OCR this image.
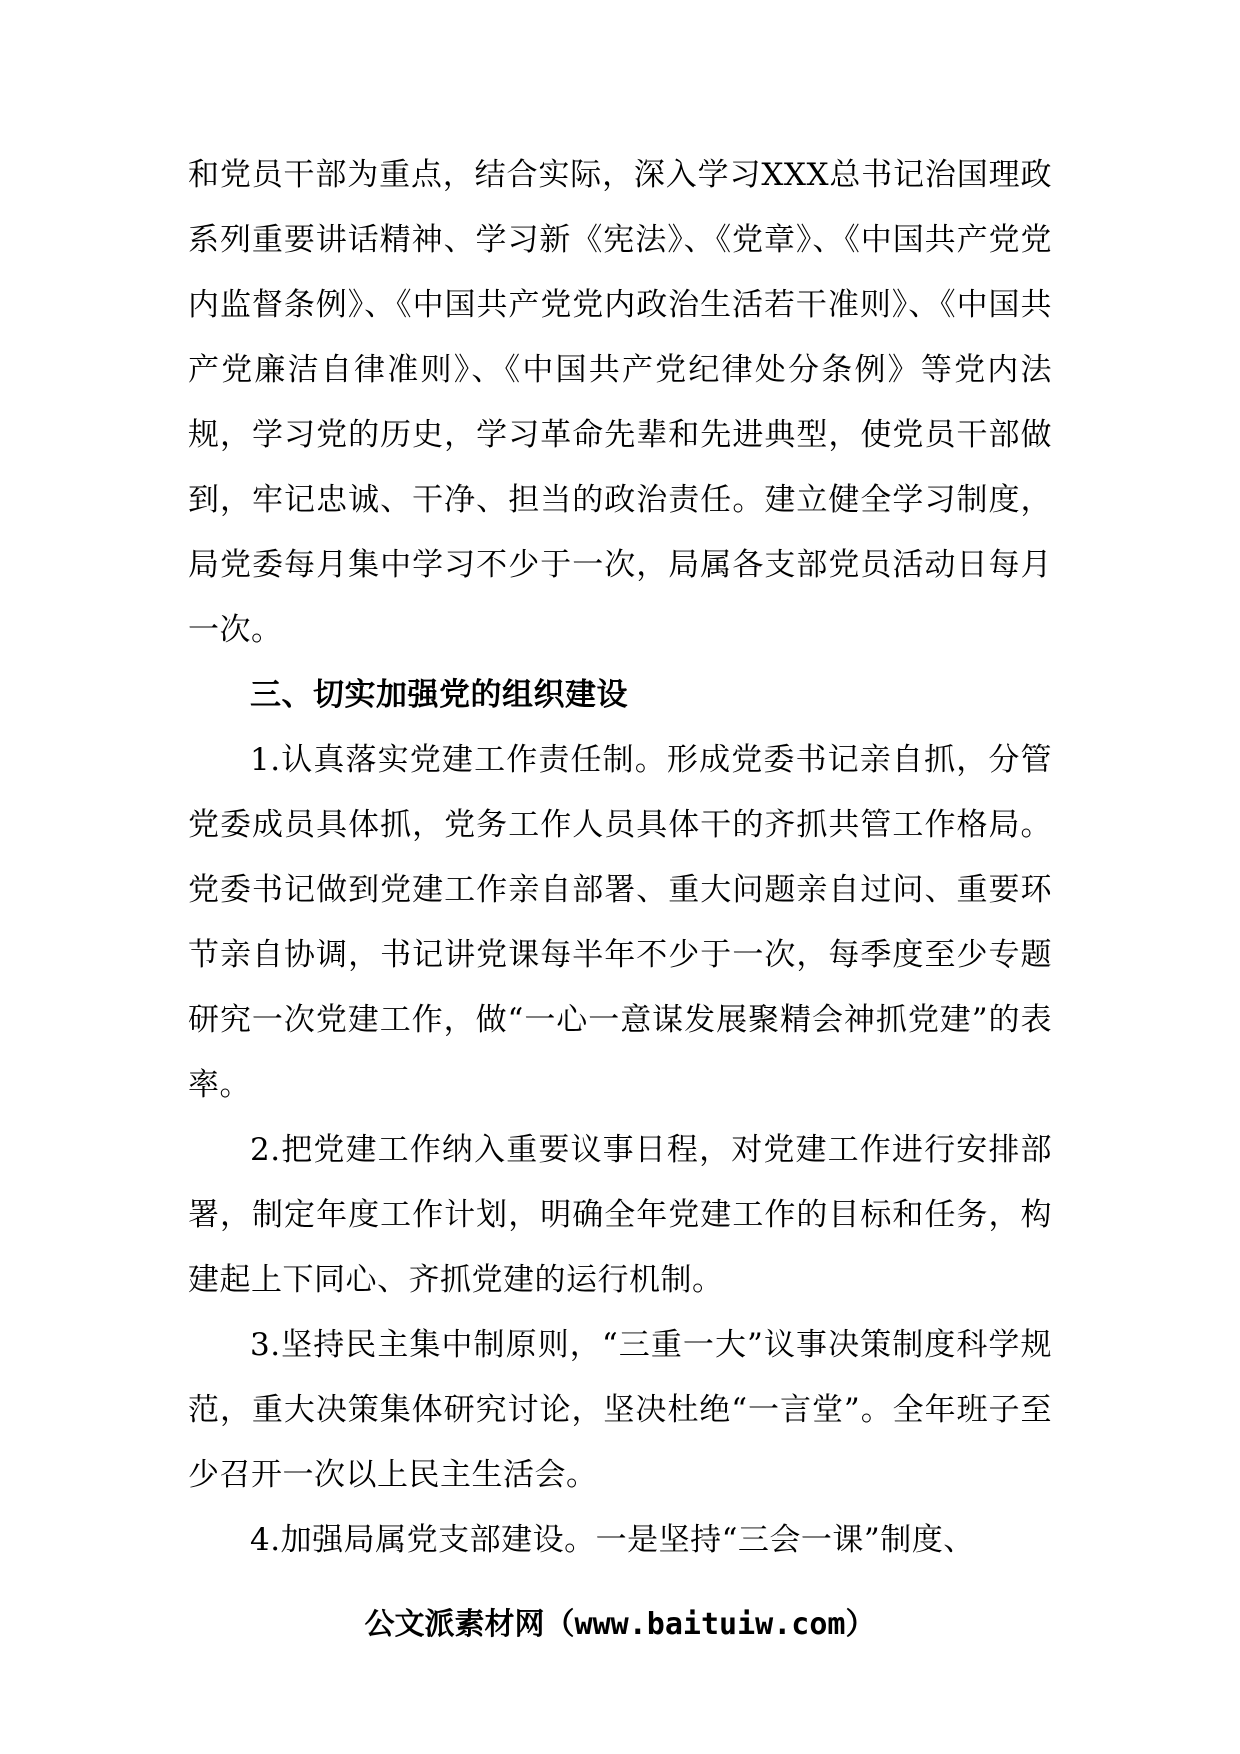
和党员干部为重点，结合实际，深入学习XXX总书记治国理政系列重要讲话精神、学习新《宪法》、《党章》、《中国共产党党内监督条例》、《中国共产党党内政治生活若干准则》、《中国共产党廉洁自律准则》、《中国共产党纪律处分条例》等党内法规，学习党的历史，学习革命先辈和先进典型，使党员干部做到，牢记忠诚、干净、担当的政治责任。建立健全学习制度，局党委每月集中学习不少于一次，局属各支部党员活动日每月一次。

三、切实加强党的组织建设

1.认真落实党建工作责任制。形成党委书记亲自抓，分管党委成员具体抓，党务工作人员具体干的齐抓共管工作格局。党委书记做到党建工作亲自部署、重大问题亲自过问、重要环节亲自协调，书记讲党课每半年不少于一次，每季度至少专题研究一次党建工作，做“一心一意谋发展聚精会神抓党建”的表率。

2.把党建工作纳入重要议事日程，对党建工作进行安排部署，制定年度工作计划，明确全年党建工作的目标和任务，构建起上下同心、齐抓党建的运行机制。

3.坚持民主集中制原则，“三重一大”议事决策制度科学规范，重大决策集体研究讨论，坚决杜绝“一言堂”。全年班子至少召开一次以上民主生活会。

4.加强局属党支部建设。一是坚持“三会一课”制度、

公文派素材网（www.baituiw.com）
